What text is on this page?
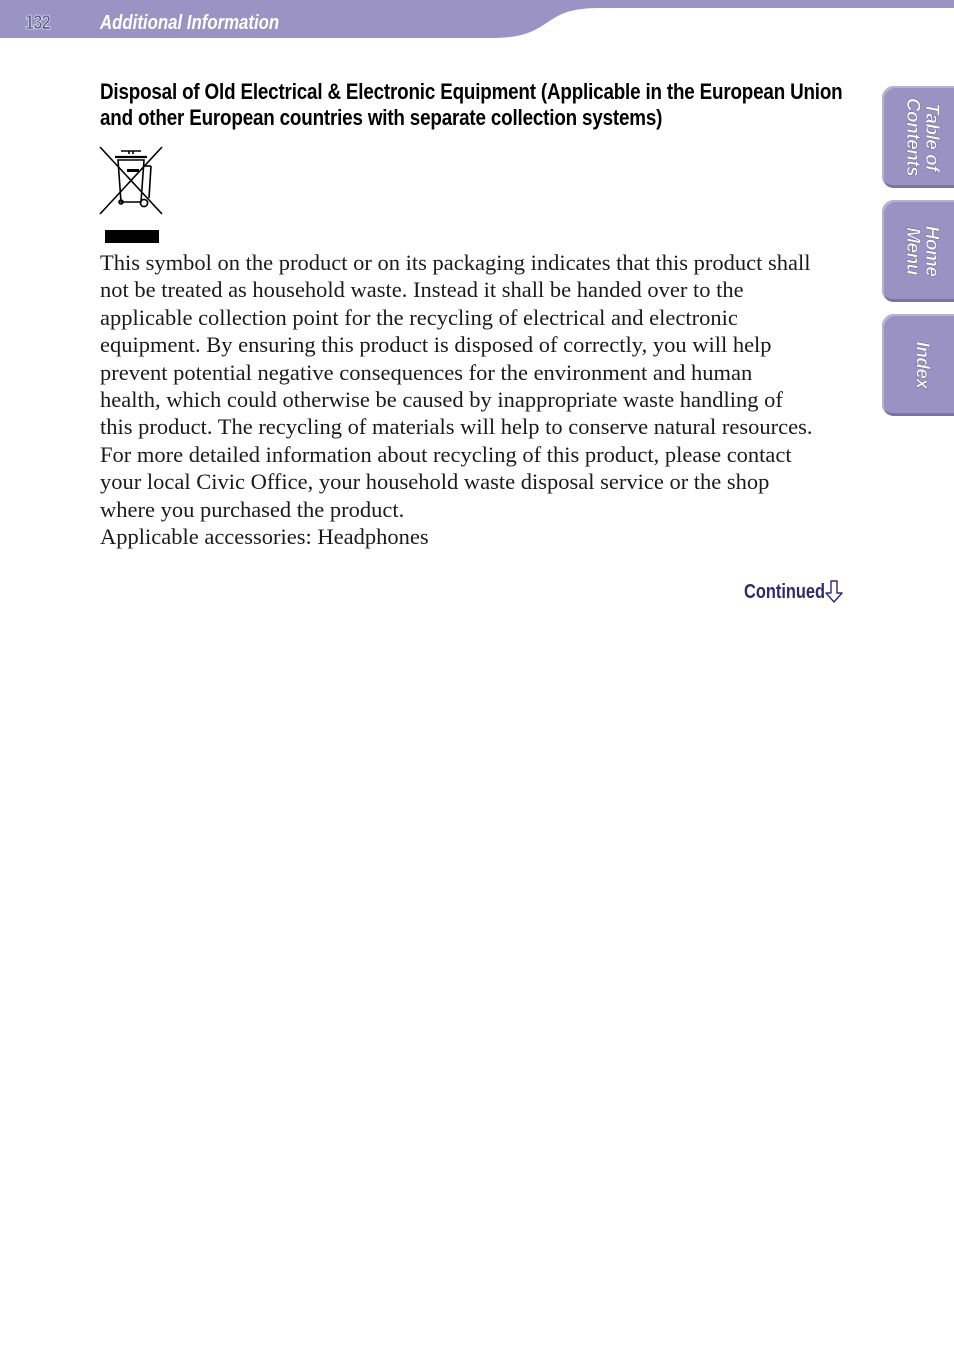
132	Additional Information
Table of
Contents
Home
Menu
Index
Disposal of Old Electrical & Electronic Equipment (Applicable in the European Union
and other European countries with separate collection systems)
This symbol on the product or on its packaging indicates that this product shall
not be treated as household waste. Instead it shall be handed over to the
applicable collection point for the recycling of electrical and electronic
equipment. By ensuring this product is disposed of correctly, you will help
prevent potential negative consequences for the environment and human
health, which could otherwise be caused by inappropriate waste handling of
this product. The recycling of materials will help to conserve natural resources.
For more detailed information about recycling of this product, please contact
your local Civic Office, your household waste disposal service or the shop
where you purchased the product.
Applicable accessories: Headphones
Continued
